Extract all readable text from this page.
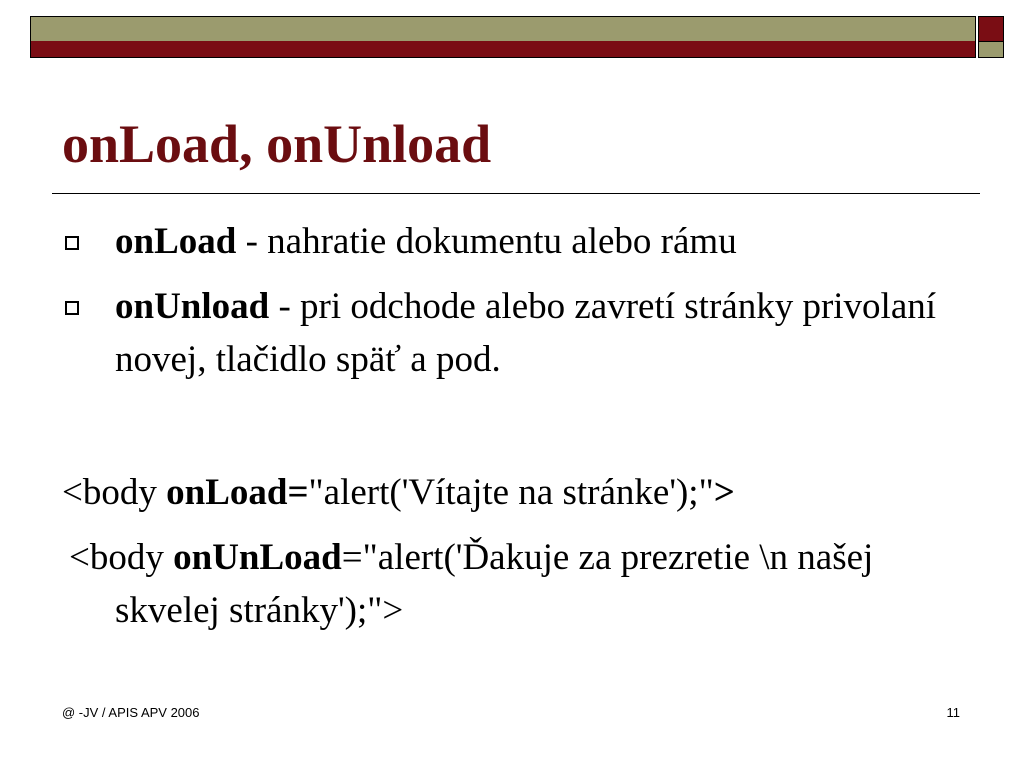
onLoad, onUnload
onLoad - nahratie dokumentu alebo rámu
onUnload - pri odchode alebo zavretí stránky privolaní novej, tlačidlo späť a pod.

<body onLoad="alert('Vítajte na stránke');">

<body onUnLoad="alert('Ďakuje za prezretie \n našej skvelej stránky');">

@ -JV / APIS APV 2006	11
